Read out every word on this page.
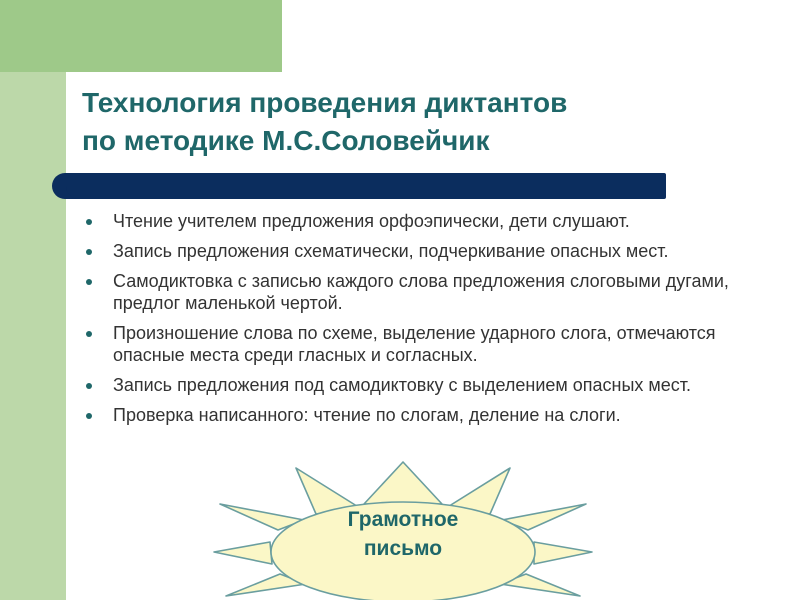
Технология проведения диктантов
по методике М.С.Соловейчик
Чтение учителем предложения орфоэпически, дети слушают.
Запись предложения схематически, подчеркивание опасных мест.
Самодиктовка с записью каждого слова предложения слоговыми дугами, предлог маленькой чертой.
Произношение слова по схеме, выделение ударного слога, отмечаются опасные места среди гласных и согласных.
Запись предложения под самодиктовку с выделением опасных мест.
Проверка написанного: чтение по слогам, деление на слоги.
Грамотное
письмо
